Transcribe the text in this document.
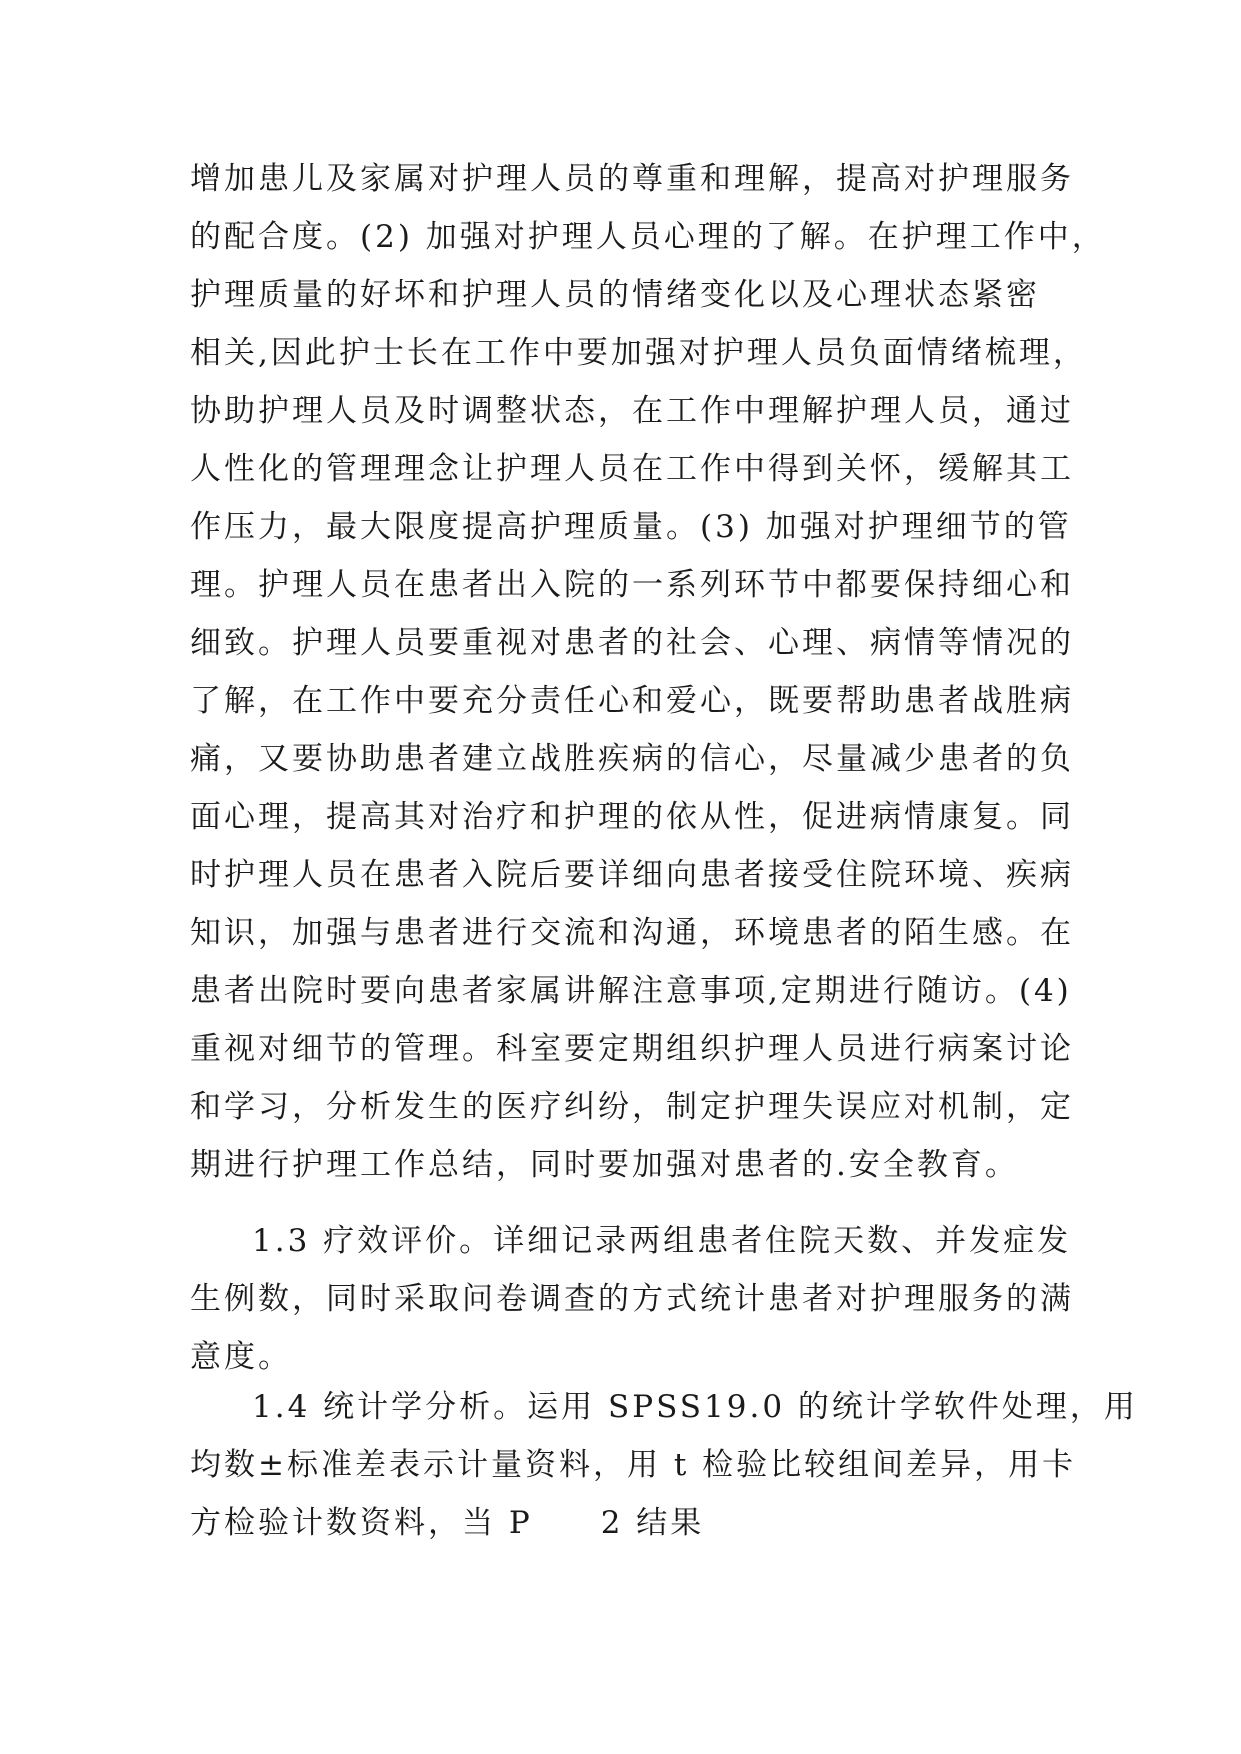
增加患儿及家属对护理人员的尊重和理解，提高对护理服务
的配合度。(2) 加强对护理人员心理的了解。在护理工作中，
护理质量的好坏和护理人员的情绪变化以及心理状态紧密
相关,因此护士长在工作中要加强对护理人员负面情绪梳理，
协助护理人员及时调整状态，在工作中理解护理人员，通过
人性化的管理理念让护理人员在工作中得到关怀，缓解其工
作压力，最大限度提高护理质量。(3) 加强对护理细节的管
理。护理人员在患者出入院的一系列环节中都要保持细心和
细致。护理人员要重视对患者的社会、心理、病情等情况的
了解，在工作中要充分责任心和爱心，既要帮助患者战胜病
痛，又要协助患者建立战胜疾病的信心，尽量减少患者的负
面心理，提高其对治疗和护理的依从性，促进病情康复。同
时护理人员在患者入院后要详细向患者接受住院环境、疾病
知识，加强与患者进行交流和沟通，环境患者的陌生感。在
患者出院时要向患者家属讲解注意事项,定期进行随访。(4)
重视对细节的管理。科室要定期组织护理人员进行病案讨论
和学习，分析发生的医疗纠纷，制定护理失误应对机制，定
期进行护理工作总结，同时要加强对患者的.安全教育。
1.3 疗效评价。详细记录两组患者住院天数、并发症发
生例数，同时采取问卷调查的方式统计患者对护理服务的满
意度。
1.4 统计学分析。运用 SPSS19.0 的统计学软件处理，用
均数±标准差表示计量资料，用 t 检验比较组间差异，用卡
方检验计数资料，当 P　　2 结果
